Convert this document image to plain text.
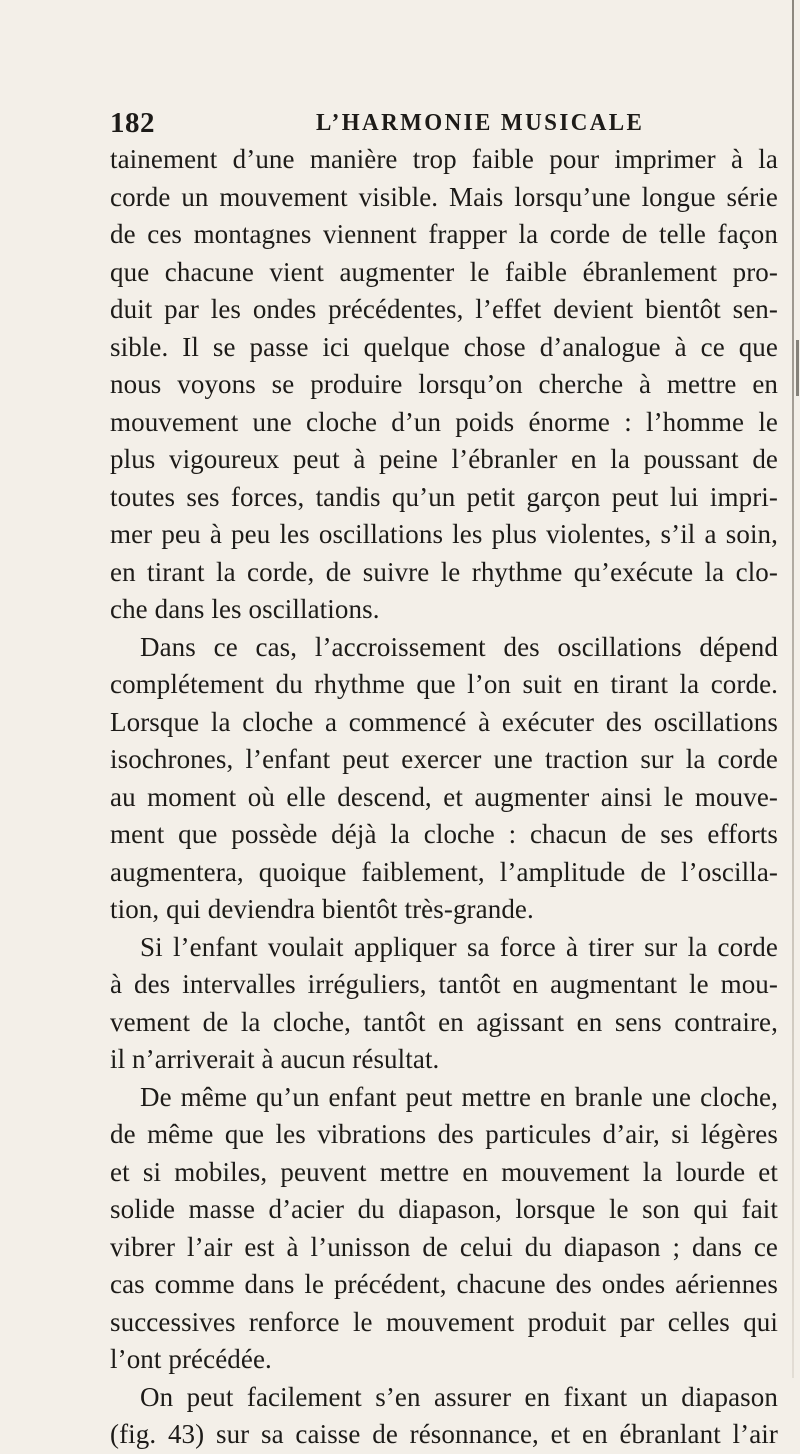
182	L’HARMONIE MUSICALE
tainement d’une manière trop faible pour imprimer à la
corde un mouvement visible. Mais lorsqu’une longue série
de ces montagnes viennent frapper la corde de telle façon
que chacune vient augmenter le faible ébranlement pro-
duit par les ondes précédentes, l’effet devient bientôt sen-
sible. Il se passe ici quelque chose d’analogue à ce que
nous voyons se produire lorsqu’on cherche à mettre en
mouvement une cloche d’un poids énorme : l’homme le
plus vigoureux peut à peine l’ébranler en la poussant de
toutes ses forces, tandis qu’un petit garçon peut lui impri-
mer peu à peu les oscillations les plus violentes, s’il a soin,
en tirant la corde, de suivre le rhythme qu’exécute la clo-
che dans les oscillations.
Dans ce cas, l’accroissement des oscillations dépend
complétement du rhythme que l’on suit en tirant la corde.
Lorsque la cloche a commencé à exécuter des oscillations
isochrones, l’enfant peut exercer une traction sur la corde
au moment où elle descend, et augmenter ainsi le mouve-
ment que possède déjà la cloche : chacun de ses efforts
augmentera, quoique faiblement, l’amplitude de l’oscilla-
tion, qui deviendra bientôt très-grande.
Si l’enfant voulait appliquer sa force à tirer sur la corde
à des intervalles irréguliers, tantôt en augmentant le mou-
vement de la cloche, tantôt en agissant en sens contraire,
il n’arriverait à aucun résultat.
De même qu’un enfant peut mettre en branle une cloche,
de même que les vibrations des particules d’air, si légères
et si mobiles, peuvent mettre en mouvement la lourde et
solide masse d’acier du diapason, lorsque le son qui fait
vibrer l’air est à l’unisson de celui du diapason ; dans ce
cas comme dans le précédent, chacune des ondes aériennes
successives renforce le mouvement produit par celles qui
l’ont précédée.
On peut facilement s’en assurer en fixant un diapason
(fig. 43) sur sa caisse de résonnance, et en ébranlant l’air
